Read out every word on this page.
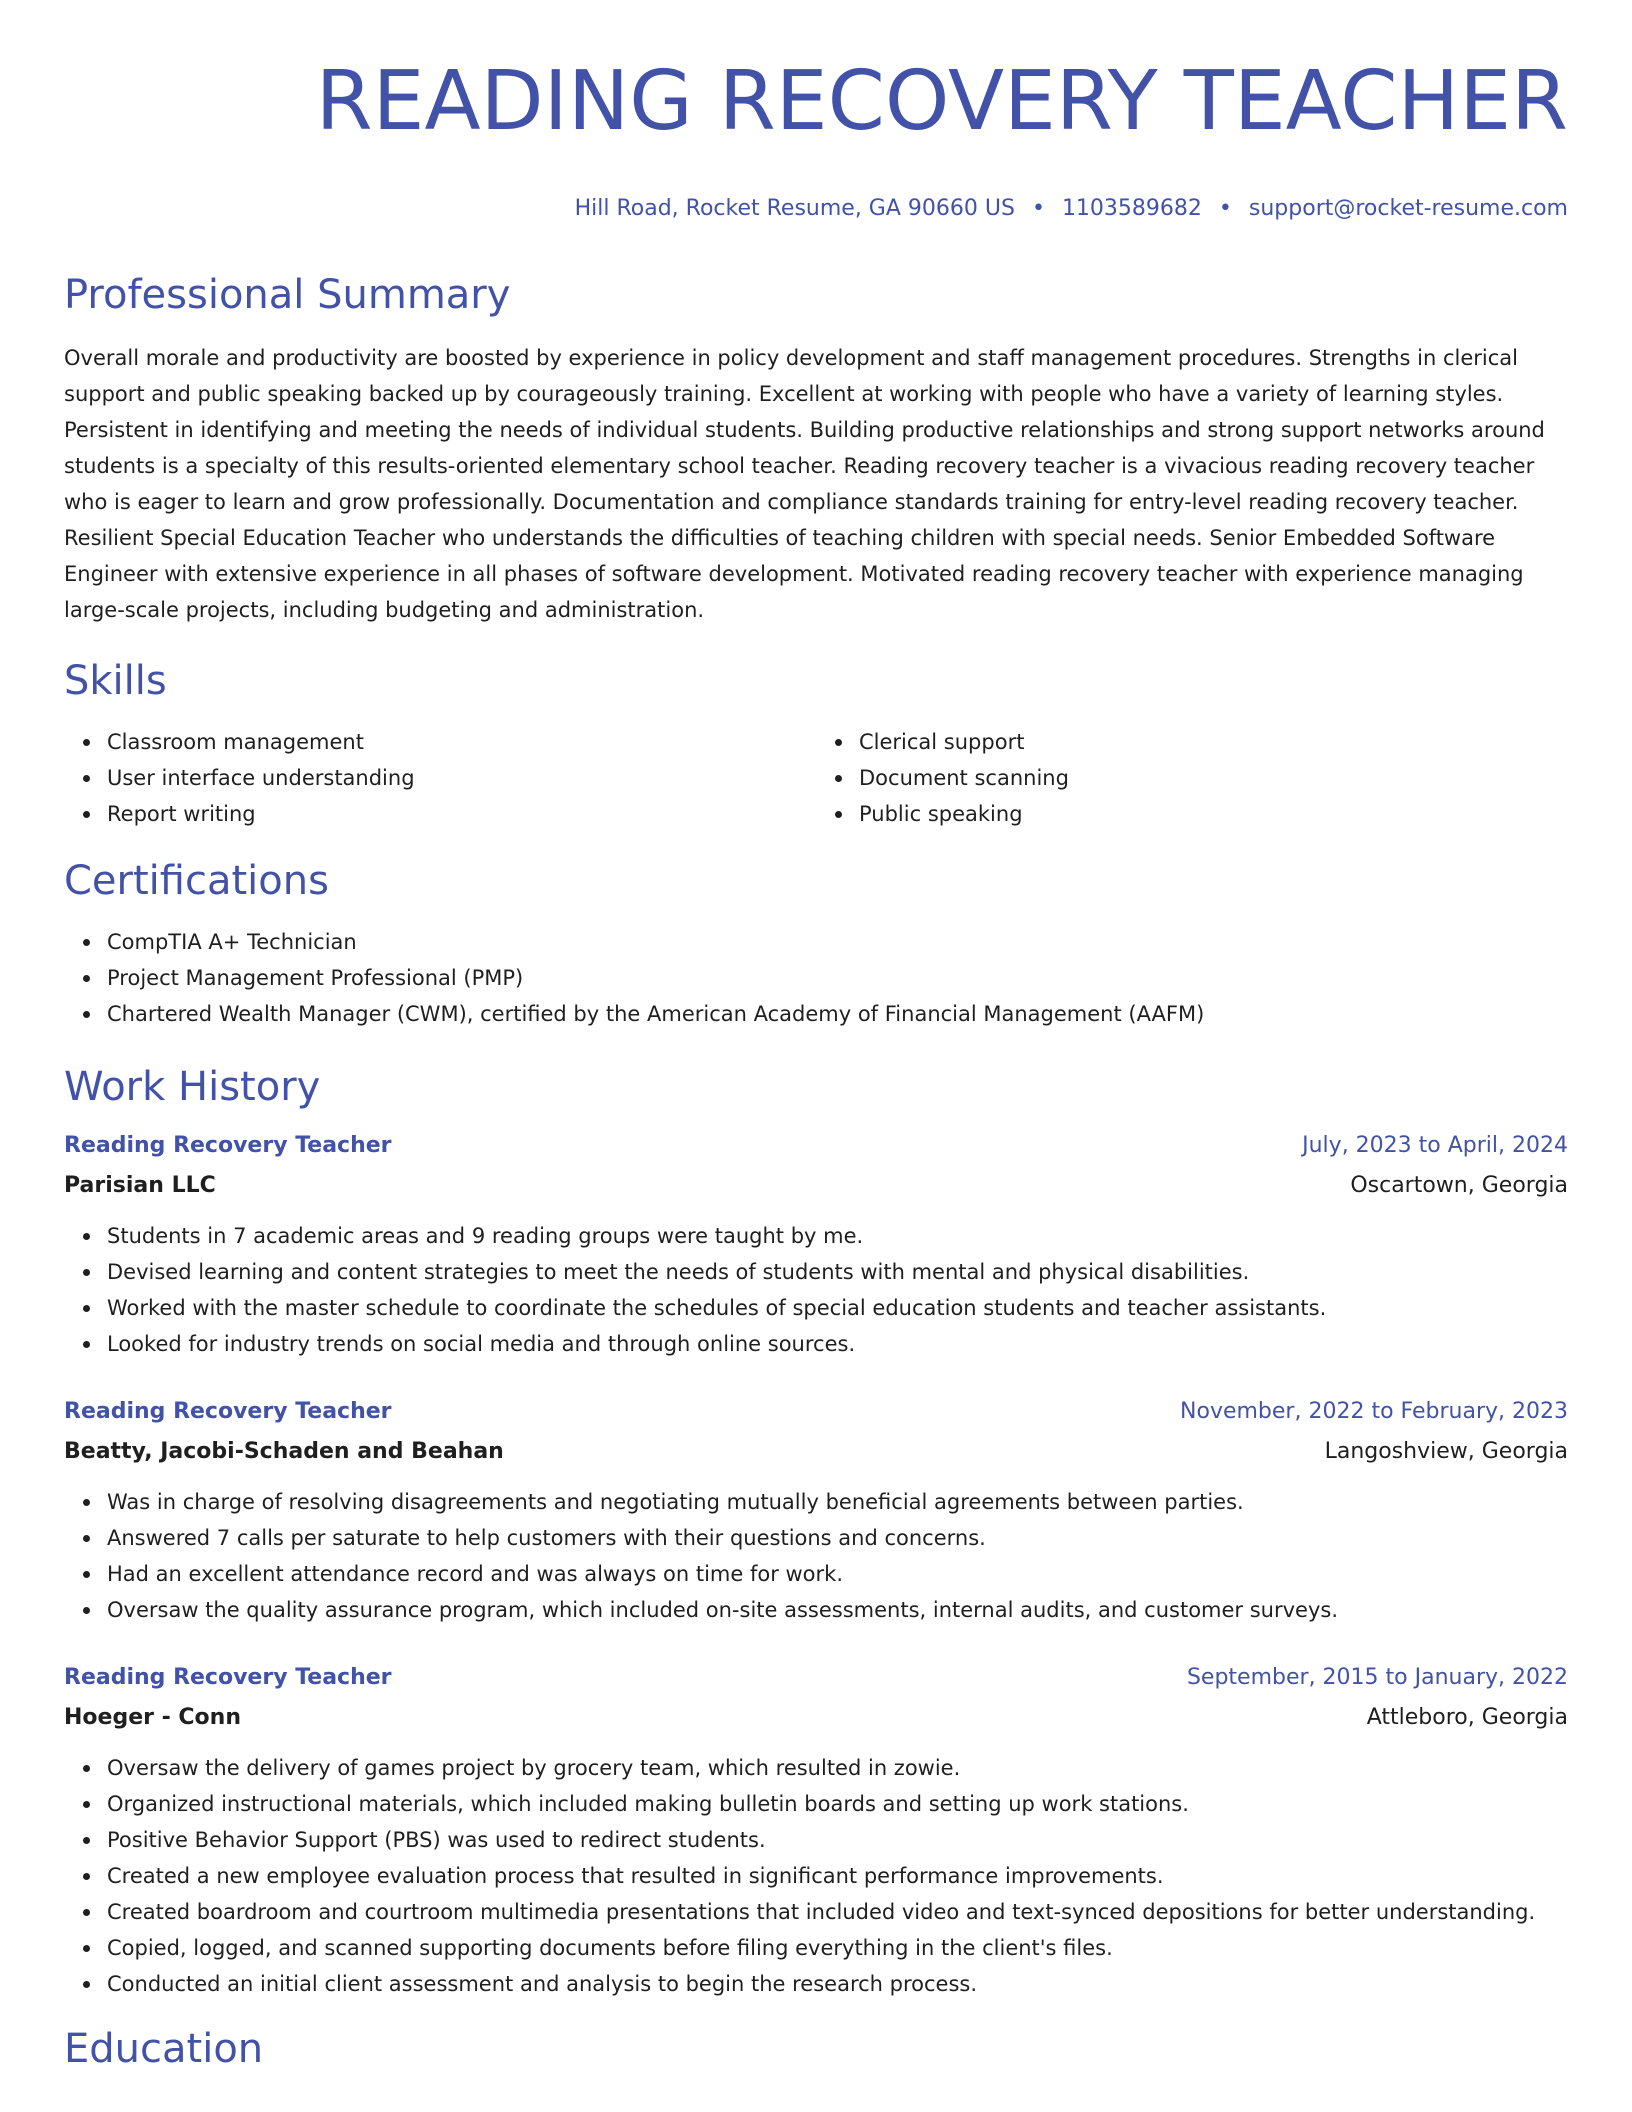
READING RECOVERY TEACHER
Hill Road, Rocket Resume, GA 90660 US • 1103589682 • support@rocket-resume.com
Professional Summary
Overall morale and productivity are boosted by experience in policy development and staff management procedures. Strengths in clerical support and public speaking backed up by courageously training. Excellent at working with people who have a variety of learning styles. Persistent in identifying and meeting the needs of individual students. Building productive relationships and strong support networks around students is a specialty of this results-oriented elementary school teacher. Reading recovery teacher is a vivacious reading recovery teacher who is eager to learn and grow professionally. Documentation and compliance standards training for entry-level reading recovery teacher. Resilient Special Education Teacher who understands the difficulties of teaching children with special needs. Senior Embedded Software Engineer with extensive experience in all phases of software development. Motivated reading recovery teacher with experience managing large-scale projects, including budgeting and administration.
Skills
Classroom management
User interface understanding
Report writing
Clerical support
Document scanning
Public speaking
Certifications
CompTIA A+ Technician
Project Management Professional (PMP)
Chartered Wealth Manager (CWM), certified by the American Academy of Financial Management (AAFM)
Work History
Reading Recovery Teacher	July, 2023 to April, 2024
Parisian LLC	Oscartown, Georgia
Students in 7 academic areas and 9 reading groups were taught by me.
Devised learning and content strategies to meet the needs of students with mental and physical disabilities.
Worked with the master schedule to coordinate the schedules of special education students and teacher assistants.
Looked for industry trends on social media and through online sources.
Reading Recovery Teacher	November, 2022 to February, 2023
Beatty, Jacobi-Schaden and Beahan	Langoshview, Georgia
Was in charge of resolving disagreements and negotiating mutually beneficial agreements between parties.
Answered 7 calls per saturate to help customers with their questions and concerns.
Had an excellent attendance record and was always on time for work.
Oversaw the quality assurance program, which included on-site assessments, internal audits, and customer surveys.
Reading Recovery Teacher	September, 2015 to January, 2022
Hoeger - Conn	Attleboro, Georgia
Oversaw the delivery of games project by grocery team, which resulted in zowie.
Organized instructional materials, which included making bulletin boards and setting up work stations.
Positive Behavior Support (PBS) was used to redirect students.
Created a new employee evaluation process that resulted in significant performance improvements.
Created boardroom and courtroom multimedia presentations that included video and text-synced depositions for better understanding.
Copied, logged, and scanned supporting documents before filing everything in the client's files.
Conducted an initial client assessment and analysis to begin the research process.
Education
